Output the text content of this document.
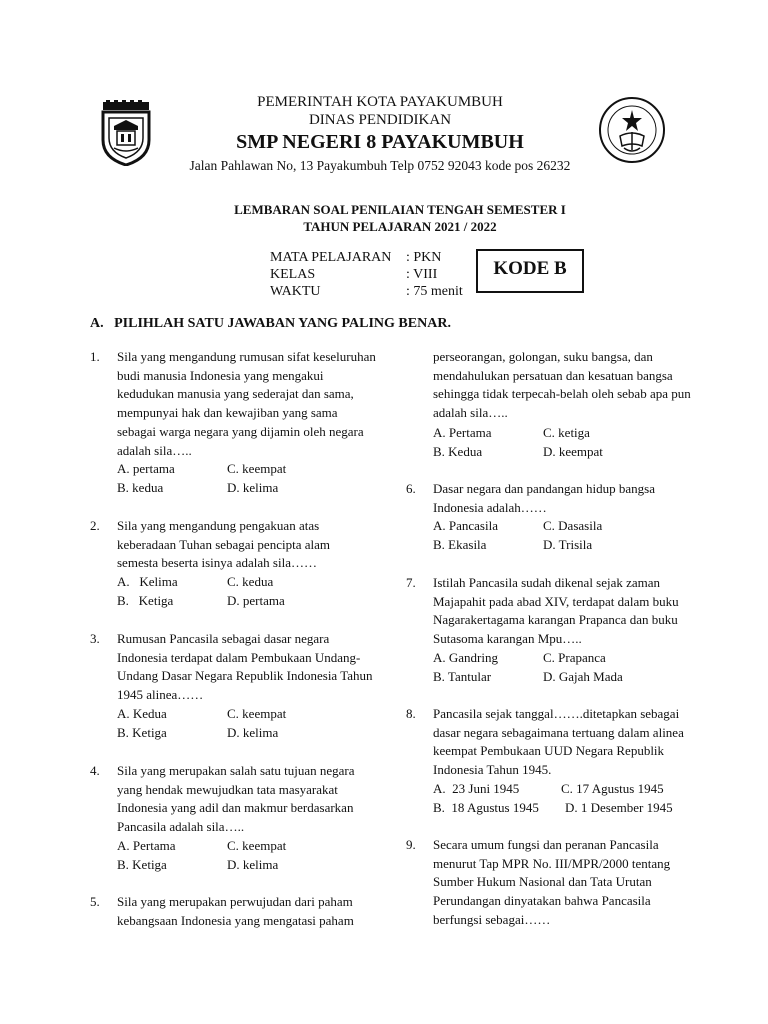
PEMERINTAH KOTA PAYAKUMBUH
DINAS PENDIDIKAN
SMP NEGERI 8 PAYAKUMBUH
Jalan Pahlawan No, 13 Payakumbuh Telp 0752 92043 kode pos 26232
LEMBARAN SOAL PENILAIAN TENGAH SEMESTER I
TAHUN PELAJARAN 2021 / 2022
MATA PELAJARAN : PKN
KELAS	: VIII
WAKTU	: 75 menit
KODE B
A.   PILIHLAH SATU JAWABAN YANG PALING BENAR.
1. Sila yang mengandung rumusan sifat keseluruhan budi manusia Indonesia yang mengakui kedudukan manusia yang sederajat dan sama, mempunyai hak dan kewajiban yang sama sebagai warga negara yang dijamin oleh negara adalah sila…..
A. pertama	C. keempat
B. kedua	D. kelima
2. Sila yang mengandung pengakuan atas keberadaan Tuhan sebagai pencipta alam semesta beserta isinya adalah sila……
A.   Kelima	C. kedua
B.   Ketiga	D. pertama
3. Rumusan Pancasila sebagai dasar negara Indonesia terdapat dalam Pembukaan Undang-Undang Dasar Negara Republik Indonesia Tahun 1945 alinea……
A. Kedua	C. keempat
B. Ketiga	D. kelima
4. Sila yang merupakan salah satu tujuan negara yang hendak mewujudkan tata masyarakat Indonesia yang adil dan makmur berdasarkan Pancasila adalah sila…..
A. Pertama	C. keempat
B. Ketiga	D. kelima
5. Sila yang merupakan perwujudan dari paham kebangsaan Indonesia yang mengatasi paham
perseorangan, golongan, suku bangsa, dan mendahulukan persatuan dan kesatuan bangsa sehingga tidak terpecah-belah oleh sebab apa pun adalah sila…..
A. Pertama	C. ketiga
B. Kedua	D. keempat
6. Dasar negara dan pandangan hidup bangsa Indonesia adalah……
A. Pancasila	C. Dasasila
B. Ekasila	D. Trisila
7. Istilah Pancasila sudah dikenal sejak zaman Majapahit pada abad XIV, terdapat dalam buku Nagarakertagama karangan Prapanca dan buku Sutasoma karangan Mpu…..
A. Gandring	C. Prapanca
B. Tantular	D. Gajah Mada
8. Pancasila sejak tanggal…….ditetapkan sebagai dasar negara sebagaimana tertuang dalam alinea keempat Pembukaan UUD Negara Republik Indonesia Tahun 1945.
A.  23 Juni 1945	C. 17 Agustus 1945
B.  18 Agustus 1945 D. 1 Desember 1945
9. Secara umum fungsi dan peranan Pancasila menurut Tap MPR No. III/MPR/2000 tentang Sumber Hukum Nasional dan Tata Urutan Perundangan dinyatakan bahwa Pancasila berfungsi sebagai……
